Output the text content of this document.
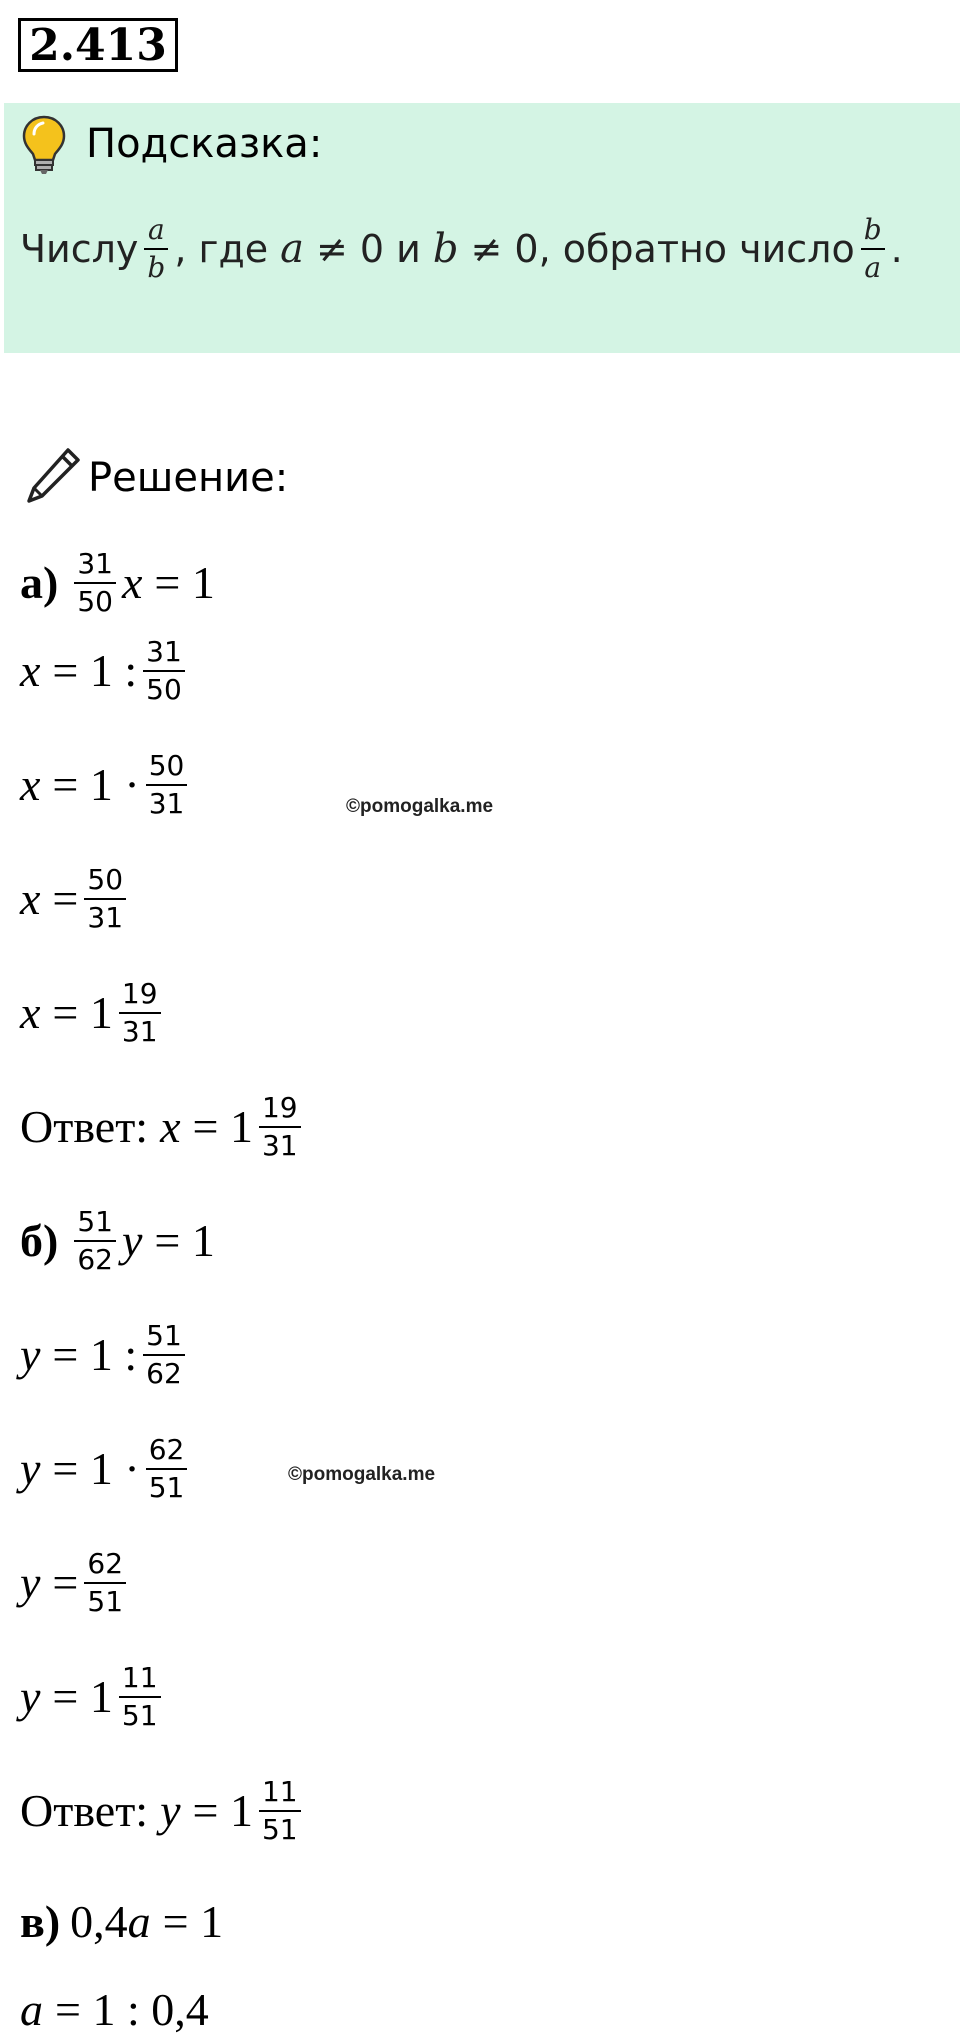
2.413
Подсказка:
Числу $\frac{a}{b}$ , где a ≠ 0 и b ≠ 0, обратно число $\frac{b}{a}$ .
Решение:
$а) \frac{31}{50}$ x = 1
x = 1 : $\frac{31}{50}$
$x = 1 \cdot \frac{50}{31}$	©pomogalka.me
$x = \frac{50}{31}$
$x = 1 \frac{19}{31}$
Ответ: $x = 1 \frac{19}{31}$
$б) \frac{51}{62}$ y = 1
y = 1 : $\frac{51}{62}$
$y = 1 \cdot \frac{62}{51}$	©pomogalka.me
$y = \frac{62}{51}$
$y = 1 \frac{11}{51}$
Ответ: $y = 1 \frac{11}{51}$
в) 0,4 a = 1
a = 1 : 0,4
